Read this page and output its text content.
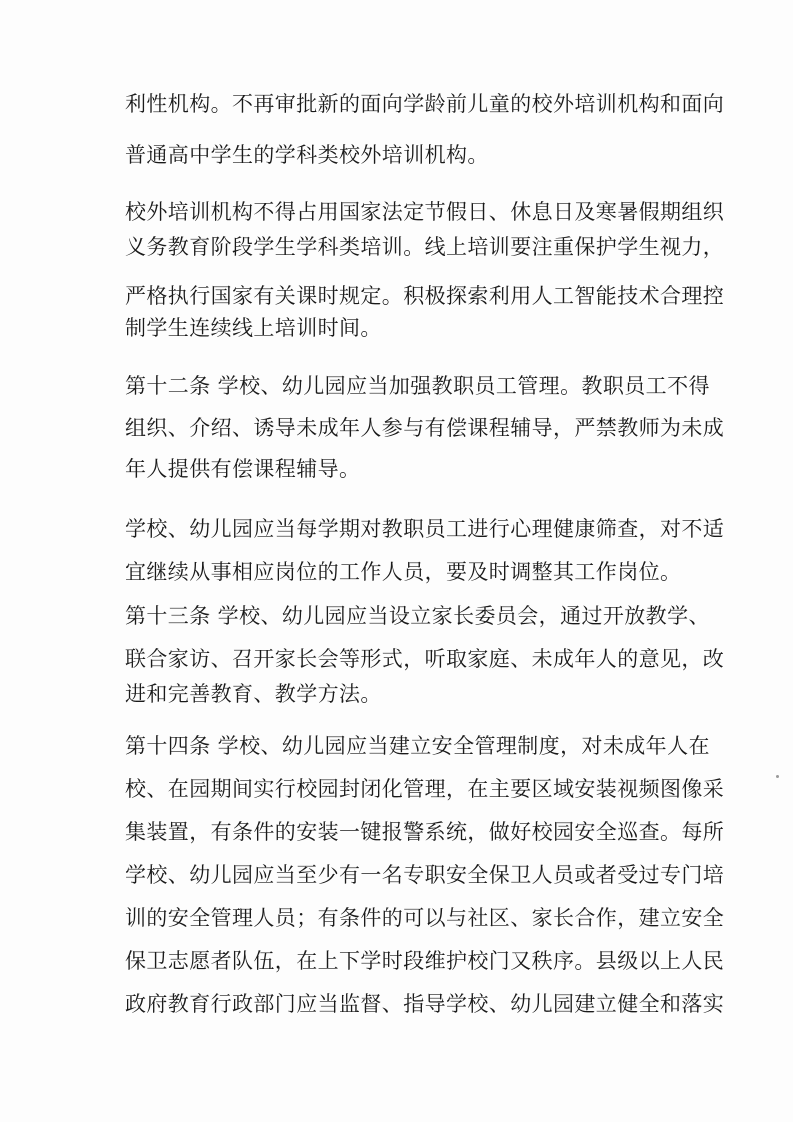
利性机构。不再审批新的面向学龄前儿童的校外培训机构和面向
普通高中学生的学科类校外培训机构。
校外培训机构不得占用国家法定节假日、休息日及寒暑假期组织
义务教育阶段学生学科类培训。线上培训要注重保护学生视力，
严格执行国家有关课时规定。积极探索利用人工智能技术合理控
制学生连续线上培训时间。
第十二条 学校、幼儿园应当加强教职员工管理。教职员工不得
组织、介绍、诱导未成年人参与有偿课程辅导，严禁教师为未成
年人提供有偿课程辅导。
学校、幼儿园应当每学期对教职员工进行心理健康筛查，对不适
宜继续从事相应岗位的工作人员，要及时调整其工作岗位。
第十三条 学校、幼儿园应当设立家长委员会，通过开放教学、
联合家访、召开家长会等形式，听取家庭、未成年人的意见，改
进和完善教育、教学方法。
第十四条 学校、幼儿园应当建立安全管理制度，对未成年人在
校、在园期间实行校园封闭化管理，在主要区域安装视频图像采
集装置，有条件的安装一键报警系统，做好校园安全巡查。每所
学校、幼儿园应当至少有一名专职安全保卫人员或者受过专门培
训的安全管理人员；有条件的可以与社区、家长合作，建立安全
保卫志愿者队伍，在上下学时段维护校门又秩序。县级以上人民
政府教育行政部门应当监督、指导学校、幼儿园建立健全和落实
